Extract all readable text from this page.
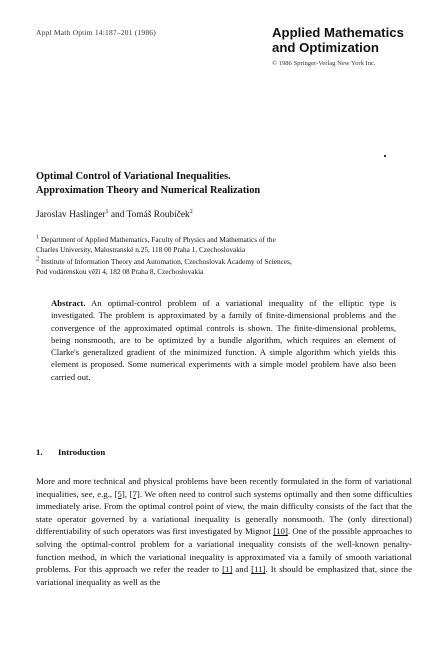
Appl Math Optim 14:187–201 (1986)	Applied Mathematics
and Optimization
© 1986 Springer-Verlag New York Inc.
Optimal Control of Variational Inequalities.
Approximation Theory and Numerical Realization
Jaroslav Haslinger$^1$ and Tomáš Roubíček$^2$
$^1$ Department of Applied Mathematics, Faculty of Physics and Mathematics of the
Charles University, Malostranské n.25, 118 00 Praha 1, Czechoslovakia
$^2$ Institute of Information Theory and Automation, Czechoslovak Academy of Sciences,
Pod vodárenskou věží 4, 182 08 Praha 8, Czechoslovakia
Abstract. An optimal-control problem of a variational inequality of the elliptic type is investigated. The problem is approximated by a family of finite-dimensional problems and the convergence of the approximated optimal controls is shown. The finite-dimensional problems, being nonsmooth, are to be optimized by a bundle algorithm, which requires an element of Clarke's generalized gradient of the minimized function. A simple algorithm which yields this element is proposed. Some numerical experiments with a simple model problem have also been carried out.
1. Introduction
More and more technical and physical problems have been recently formulated in the form of variational inequalities, see, e.g., [5], [7]. We often need to control such systems optimally and then some difficulties immediately arise. From the optimal control point of view, the main difficulty consists of the fact that the state operator governed by a variational inequality is generally nonsmooth. The (only directional) differentiability of such operators was first investigated by Mignot [10]. One of the possible approaches to solving the optimal-control problem for a variational inequality consists of the well-known penalty-function method, in which the variational inequality is approximated via a family of smooth variational problems. For this approach we refer the reader to [1] and [11]. It should be emphasized that, since the variational inequality as well as the
